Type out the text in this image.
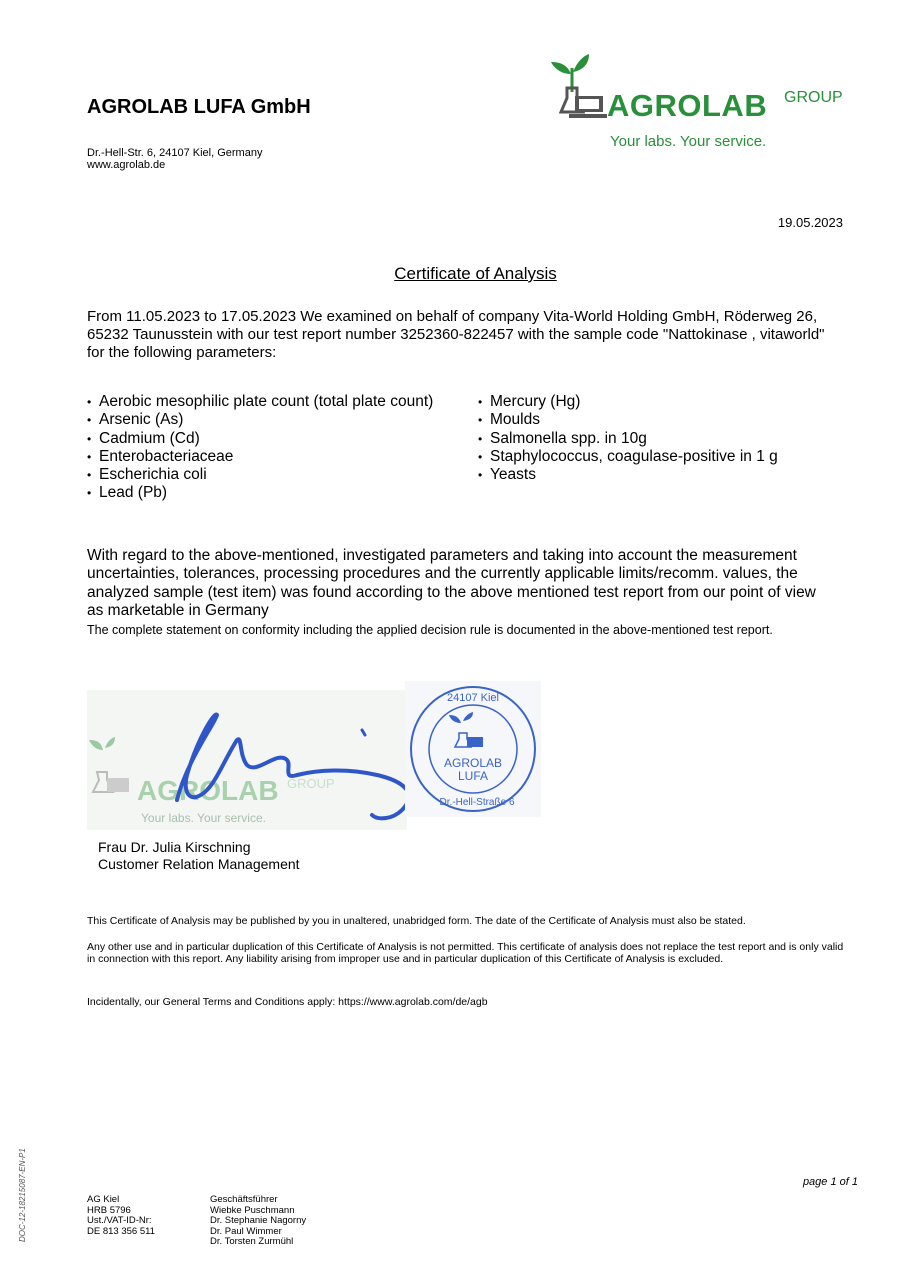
AGROLAB LUFA GmbH
Dr.-Hell-Str. 6, 24107 Kiel, Germany
www.agrolab.de
AGROLAB GROUP
Your labs. Your service.
19.05.2023
Certificate of Analysis
From 11.05.2023 to 17.05.2023 We examined on behalf of company Vita-World Holding GmbH, Röderweg 26, 65232 Taunusstein with our test report number 3252360-822457 with the sample code "Nattokinase , vitaworld" for the following parameters:
• Aerobic mesophilic plate count (total plate count)
• Arsenic (As)
• Cadmium (Cd)
• Enterobacteriaceae
• Escherichia coli
• Lead (Pb)
• Mercury (Hg)
• Moulds
• Salmonella spp. in 10g
• Staphylococcus, coagulase-positive in 1 g
• Yeasts
With regard to the above-mentioned, investigated parameters and taking into account the measurement uncertainties, tolerances, processing procedures and the currently applicable limits/recomm. values, the analyzed sample (test item) was found according to the above mentioned test report from our point of view as marketable in Germany
The complete statement on conformity including the applied decision rule is documented in the above-mentioned test report.
AGROLAB GROUP
Your labs. Your service.
AGROLAB
LUFA
24107 Kiel
Dr.-Hell-Straße 6
Frau Dr. Julia Kirschning
Customer Relation Management
This Certificate of Analysis may be published by you in unaltered, unabridged form. The date of the Certificate of Analysis must also be stated.
Any other use and in particular duplication of this Certificate of Analysis is not permitted. This certificate of analysis does not replace the test report and is only valid in connection with this report. Any liability arising from improper use and in particular duplication of this Certificate of Analysis is excluded.
Incidentally, our General Terms and Conditions apply: https://www.agrolab.com/de/agb
DOC-12-18215087-EN-P1	page 1 of 1
AG Kiel
HRB 5796
Ust./VAT-ID-Nr:
DE 813 356 511
Geschäftsführer
Wiebke Puschmann
Dr. Stephanie Nagorny
Dr. Paul Wimmer
Dr. Torsten Zurmühl
